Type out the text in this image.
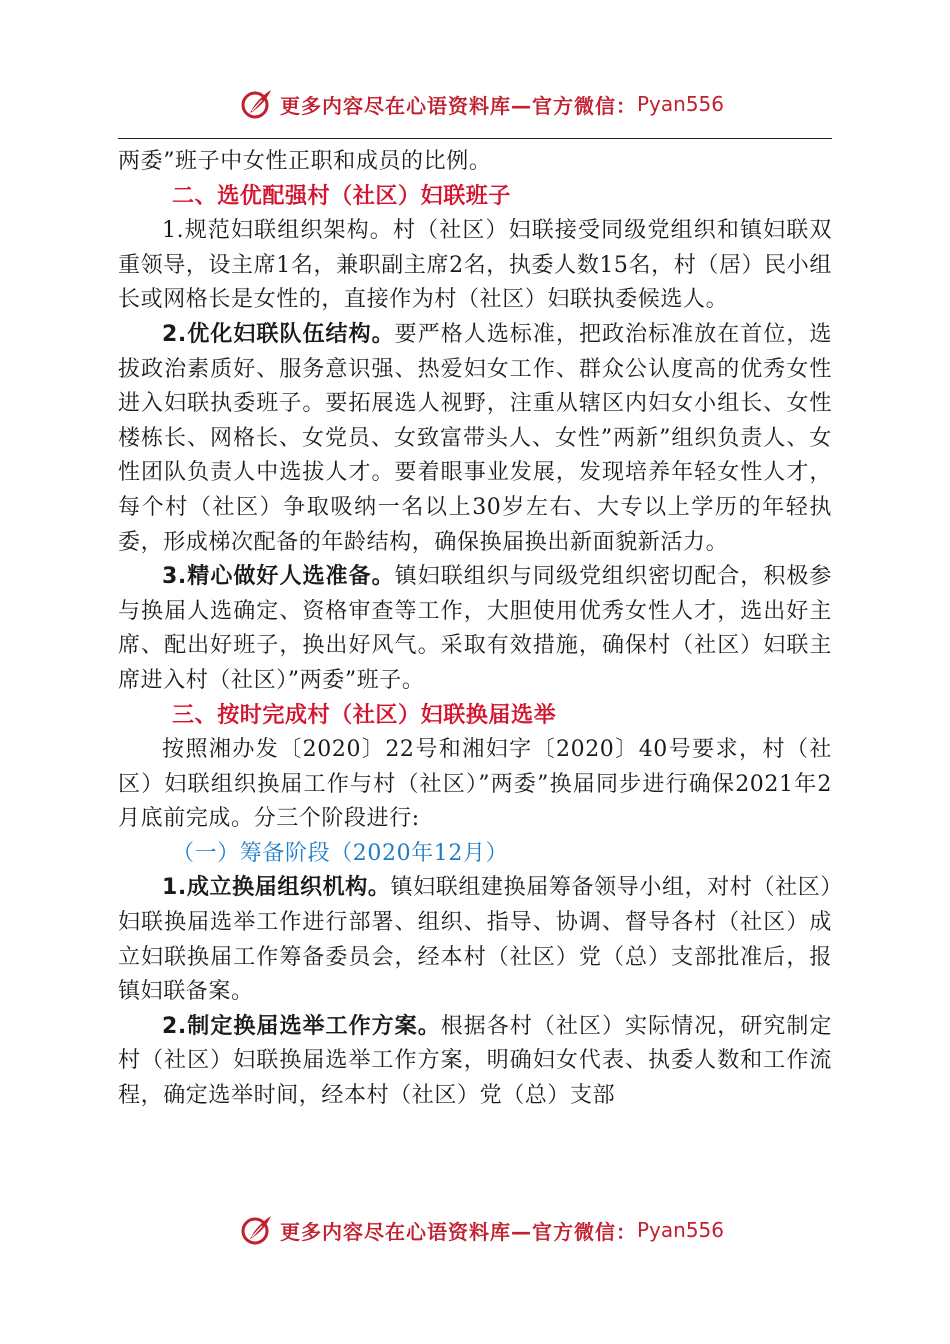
更多内容尽在心语资料库—官方微信： Pyan556

两委”班子中女性正职和成员的比例。

二、选优配强村（社区）妇联班子

1.规范妇联组织架构。村（社区）妇联接受同级党组织和镇妇联双重领导，设主席1名，兼职副主席2名，执委人数15名，村（居）民小组长或网格长是女性的，直接作为村（社区）妇联执委候选人。

2.优化妇联队伍结构。要严格人选标准，把政治标准放在首位，选拔政治素质好、服务意识强、热爱妇女工作、群众公认度高的优秀女性进入妇联执委班子。要拓展选人视野，注重从辖区内妇女小组长、女性楼栋长、网格长、女党员、女致富带头人、女性”两新”组织负责人、女性团队负责人中选拔人才。要着眼事业发展，发现培养年轻女性人才，每个村（社区）争取吸纳一名以上30岁左右、大专以上学历的年轻执委，形成梯次配备的年龄结构，确保换届换出新面貌新活力。

3.精心做好人选准备。镇妇联组织与同级党组织密切配合，积极参与换届人选确定、资格审查等工作，大胆使用优秀女性人才，选出好主席、配出好班子，换出好风气。采取有效措施，确保村（社区）妇联主席进入村（社区）”两委”班子。

三、按时完成村（社区）妇联换届选举

按照湘办发〔2020〕22号和湘妇字〔2020〕40号要求，村（社区）妇联组织换届工作与村（社区）”两委”换届同步进行确保2021年2月底前完成。分三个阶段进行:

（一）筹备阶段（2020年12月）

1.成立换届组织机构。镇妇联组建换届筹备领导小组，对村（社区）妇联换届选举工作进行部署、组织、指导、协调、督导各村（社区）成立妇联换届工作筹备委员会，经本村（社区）党（总）支部批准后，报镇妇联备案。

2.制定换届选举工作方案。根据各村（社区）实际情况，研究制定村（社区）妇联换届选举工作方案，明确妇女代表、执委人数和工作流程，确定选举时间，经本村（社区）党（总）支部

更多内容尽在心语资料库—官方微信： Pyan556
